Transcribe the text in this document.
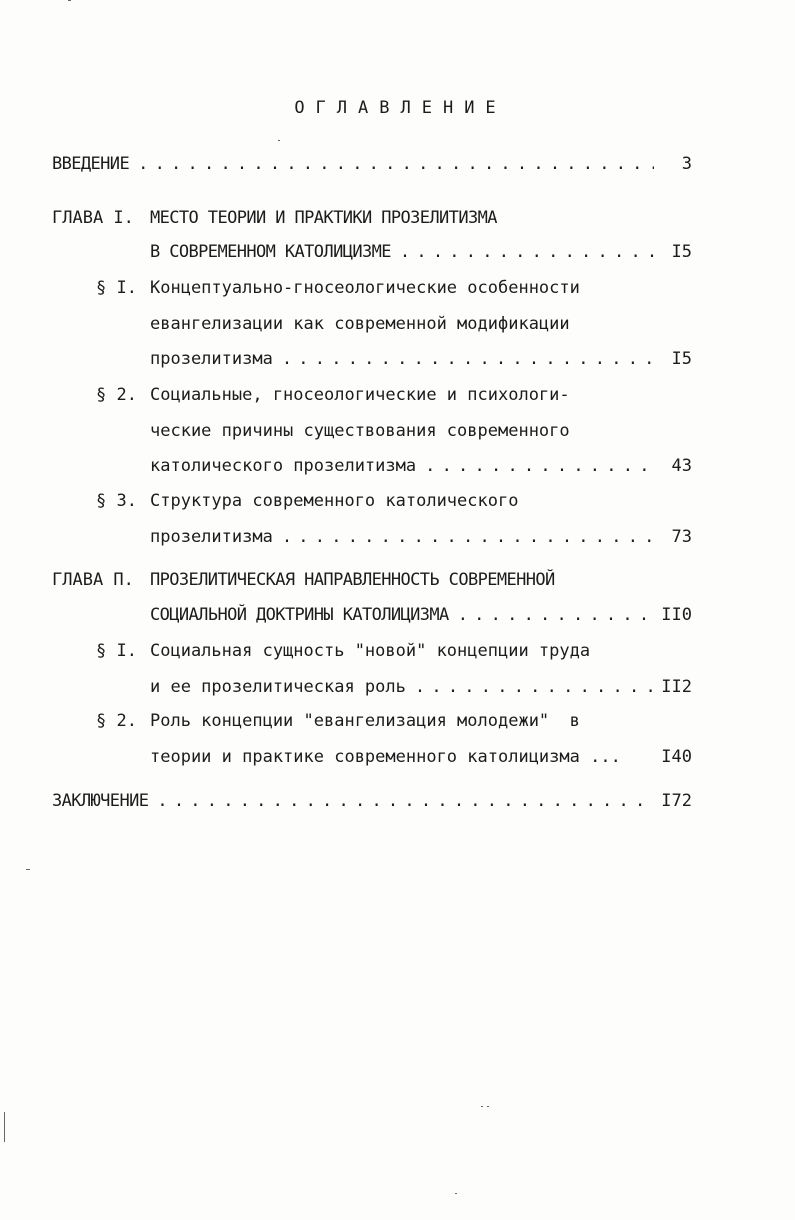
ОГЛАВЛЕНИЕ
ВВЕДЕНИЕ . . .	3
ГЛАВА I. МЕСТО ТЕОРИИ И ПРАКТИКИ ПРОЗЕЛИТИЗМА
В СОВРЕМЕННОМ КАТОЛИЦИЗМЕ . . .	I5
§ I. Концептуально-гносеологические особенности
евангелизации как современной модификации
прозелитизма . . .	I5
§ 2. Социальные, гносеологические и психологи-
ческие причины существования современного
католического прозелитизма . . .	43
§ 3. Структура современного католического
прозелитизма . . .	73
ГЛАВА П. ПРОЗЕЛИТИЧЕСКАЯ НАПРАВЛЕННОСТЬ СОВРЕМЕННОЙ
СОЦИАЛЬНОЙ ДОКТРИНЫ КАТОЛИЦИЗМА . . .	II0
§ I. Социальная сущность "новой" концепции труда
и ее прозелитическая роль . . .	II2
§ 2. Роль концепции "евангелизация молодежи"  в
теории и практике современного католицизма ...	I40
ЗАКЛЮЧЕНИЕ . . .	I72
